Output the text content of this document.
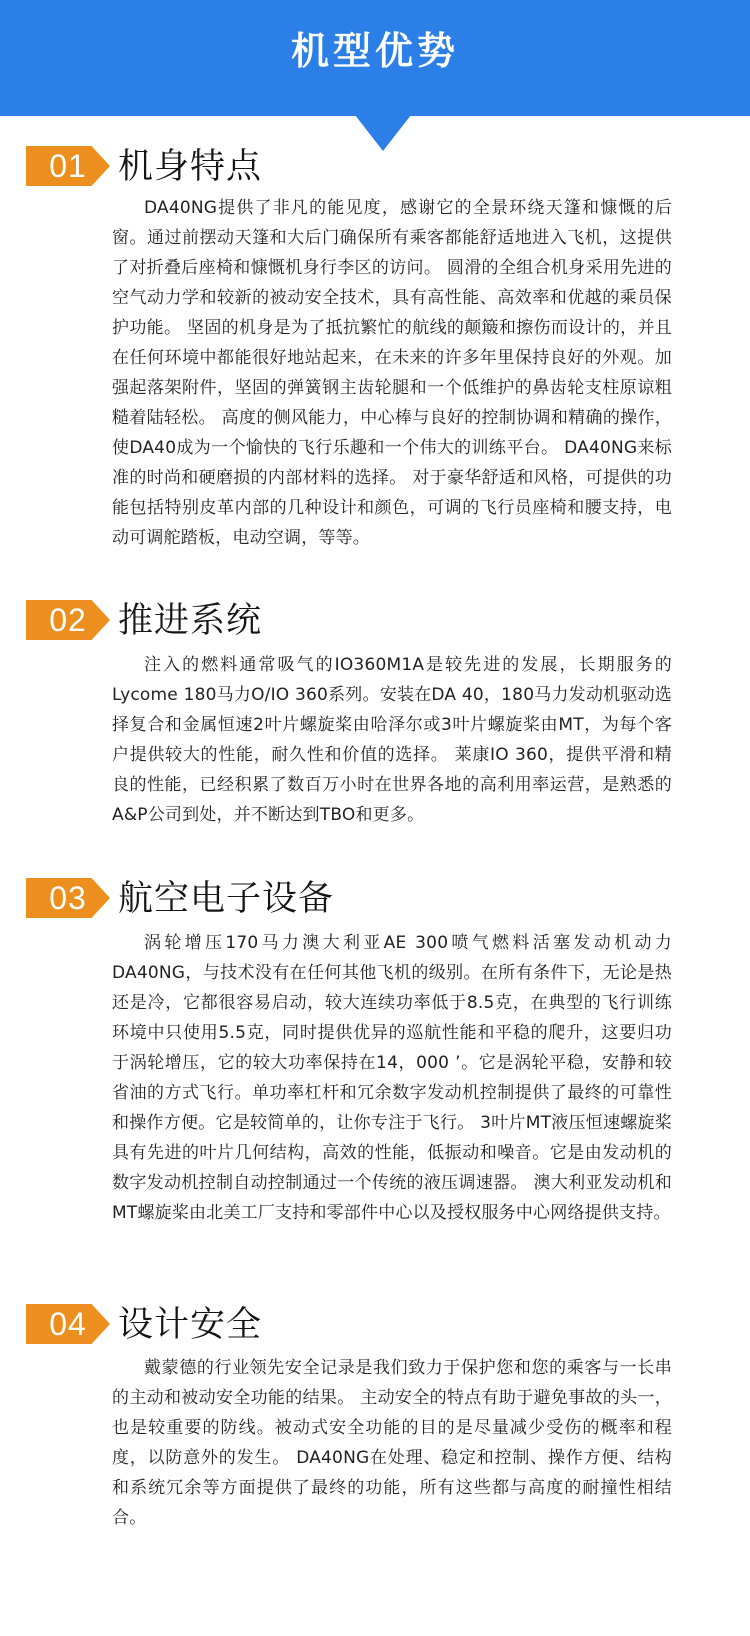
机型优势
01 机身特点

DA40NG提供了非凡的能见度，感谢它的全景环绕天篷和慷慨的后窗。通过前摆动天篷和大后门确保所有乘客都能舒适地进入飞机，这提供了对折叠后座椅和慷慨机身行李区的访问。 圆滑的全组合机身采用先进的空气动力学和较新的被动安全技术，具有高性能、高效率和优越的乘员保护功能。 坚固的机身是为了抵抗繁忙的航线的颠簸和擦伤而设计的，并且在任何环境中都能很好地站起来，在未来的许多年里保持良好的外观。加强起落架附件，坚固的弹簧钢主齿轮腿和一个低维护的鼻齿轮支柱原谅粗糙着陆轻松。 高度的侧风能力，中心棒与良好的控制协调和精确的操作，使DA40成为一个愉快的飞行乐趣和一个伟大的训练平台。 DA40NG来标准的时尚和硬磨损的内部材料的选择。 对于豪华舒适和风格，可提供的功能包括特别皮革内部的几种设计和颜色，可调的飞行员座椅和腰支持，电动可调舵踏板，电动空调，等等。

02 推进系统

注入的燃料通常吸气的IO360M1A是较先进的发展，长期服务的Lycome 180马力O/IO 360系列。安装在DA 40，180马力发动机驱动选择复合和金属恒速2叶片螺旋桨由哈泽尔或3叶片螺旋桨由MT，为每个客户提供较大的性能，耐久性和价值的选择。 莱康IO 360，提供平滑和精良的性能，已经积累了数百万小时在世界各地的高利用率运营，是熟悉的A&P公司到处，并不断达到TBO和更多。

03 航空电子设备

涡轮增压170马力澳大利亚AE 300喷气燃料活塞发动机动力DA40NG，与技术没有在任何其他飞机的级别。在所有条件下，无论是热还是冷，它都很容易启动，较大连续功率低于8.5克，在典型的飞行训练环境中只使用5.5克，同时提供优异的巡航性能和平稳的爬升，这要归功于涡轮增压，它的较大功率保持在14，000 ’。它是涡轮平稳，安静和较省油的方式飞行。单功率杠杆和冗余数字发动机控制提供了最终的可靠性和操作方便。它是较简单的，让你专注于飞行。 3叶片MT液压恒速螺旋桨具有先进的叶片几何结构，高效的性能，低振动和噪音。它是由发动机的数字发动机控制自动控制通过一个传统的液压调速器。 澳大利亚发动机和MT螺旋桨由北美工厂支持和零部件中心以及授权服务中心网络提供支持。

04 设计安全

戴蒙德的行业领先安全记录是我们致力于保护您和您的乘客与一长串的主动和被动安全功能的结果。 主动安全的特点有助于避免事故的头一，也是较重要的防线。被动式安全功能的目的是尽量减少受伤的概率和程度，以防意外的发生。 DA40NG在处理、稳定和控制、操作方便、结构和系统冗余等方面提供了最终的功能，所有这些都与高度的耐撞性相结合。
